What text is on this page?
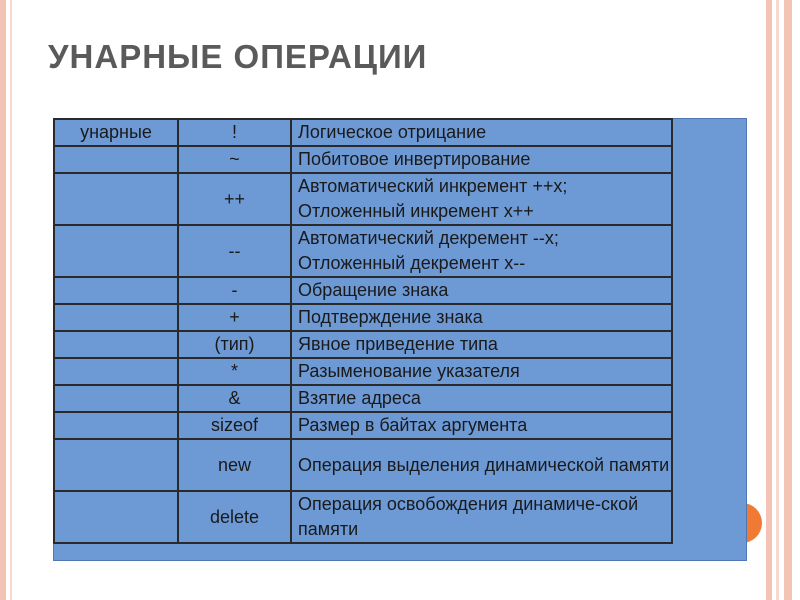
УНАРНЫЕ ОПЕРАЦИИ
унарные	!	Логическое отрицание
	~	Побитовое инвертирование
	++	Автоматический инкремент ++x; Отложенный инкремент x++
	--	Автоматический декремент --x; Отложенный декремент x--
	-	Обращение знака
	+	Подтверждение знака
	(тип)	Явное приведение типа
	*	Разыменование указателя
	&	Взятие адреса
	sizeof	Размер в байтах аргумента
	new	Операция выделения динамической памяти
	delete	Операция освобождения динамиче-ской памяти
